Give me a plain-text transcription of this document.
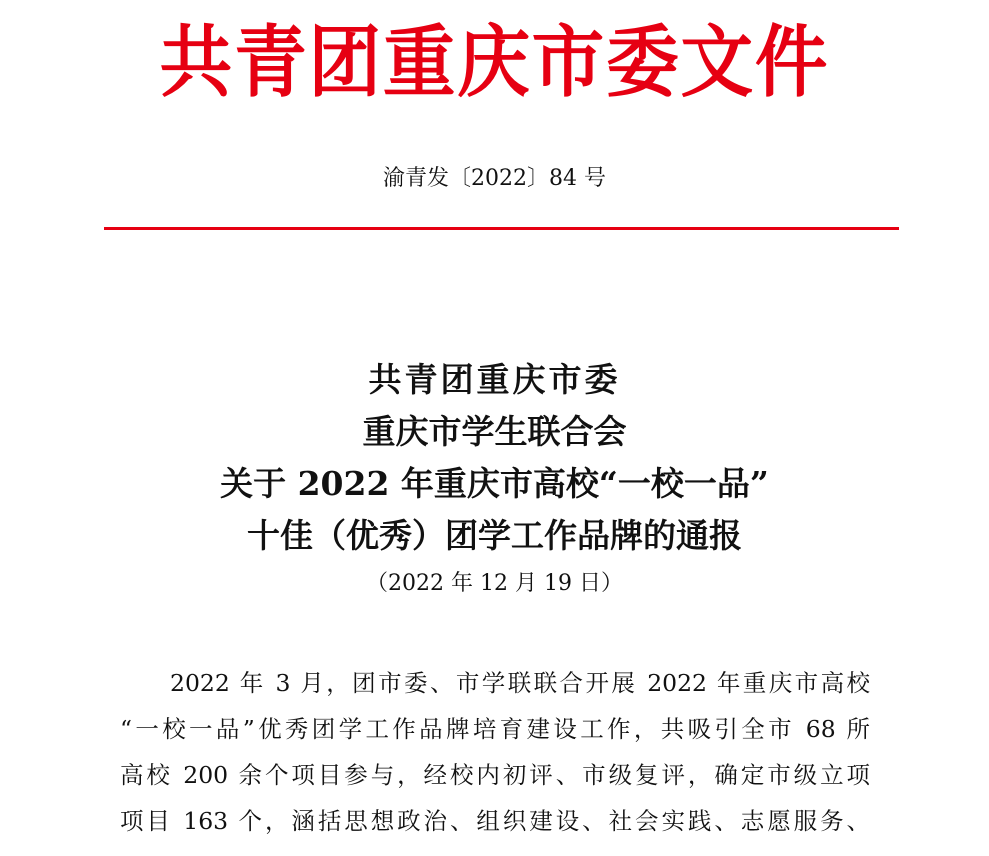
共青团重庆市委文件
渝青发〔2022〕84 号
共青团重庆市委
重庆市学生联合会
关于 2022 年重庆市高校“一校一品”
十佳（优秀）团学工作品牌的通报
（2022 年 12 月 19 日）
2022 年 3 月，团市委、市学联联合开展 2022 年重庆市高校
“一校一品”优秀团学工作品牌培育建设工作，共吸引全市 68 所
高校 200 余个项目参与，经校内初评、市级复评，确定市级立项
项目 163 个，涵括思想政治、组织建设、社会实践、志愿服务、
